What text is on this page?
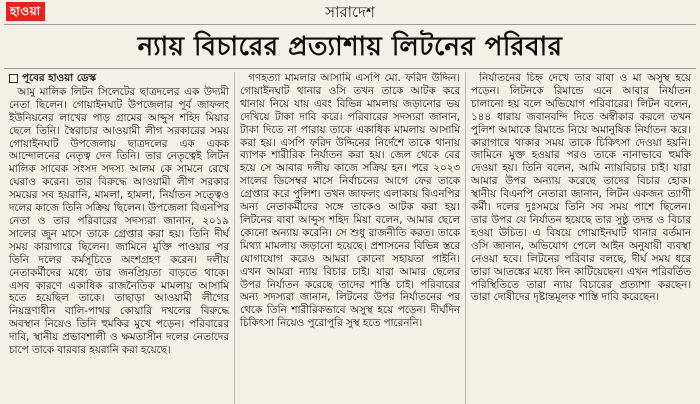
হাওয়া	সারাদেশ
ন্যায় বিচারের প্রত্যাশায় লিটনের পরিবার
পূবের হাওয়া ডেস্ক

আমু মালিক লিটন সিলেটের ছাত্রদলের এক উদ্যমী নেতা ছিলেন। গোয়াইনঘাট উপজেলার পূর্ব জাফলং ইউনিয়নের লাখের পাড় গ্রামের আব্দুস শহিদ মিয়ার ছেলে তিনি। স্বৈরাচার আওয়ামী লীগ সরকারের সময় গোয়াইনঘাট উপজেলায় ছাত্রদলের এক একক আন্দোলনের নেতৃত্ব দেন তিনি। তার নেতৃত্বেই লিটন মালিক সাবেক সংসদ সদস্য আলম কে সামনে রেখে ঘেরাও করেন। তার বিরুদ্ধে আওয়ামী লীগ সরকার সময়ের সব হয়রানি, মামলা, হামলা, নির্যাতন সত্ত্বেও দলের কাজে তিনি সক্রিয় ছিলেন। উপজেলা বিএনপির নেতা ও তার পরিবারের সদস্যরা জানান, ২০১৯ সালের জুন মাসে তাকে গ্রেপ্তার করা হয়। তিনি দীর্ঘ সময় কারাগারে ছিলেন। জামিনে মুক্তি পাওয়ার পর তিনি দলের কর্মসূচিতে অংশগ্রহণ করেন। দলীয় নেতাকর্মীদের মধ্যে তার জনপ্রিয়তা বাড়তে থাকে। এসব কারণে একাধিক রাজনৈতিক মামলায় আসামি হতে হয়েছিল তাকে। তাছাড়া আওয়ামী লীগের নিয়ন্ত্রণাধীন বালি-পাথর কোয়ারি দখলের বিরুদ্ধে অবস্থান নিয়েও তিনি হুমকির মুখে পড়েন। পরিবারের দাবি, স্থানীয় প্রভাবশালী ও ক্ষমতাসীন দলের নেতাদের চাপে তাকে বারবার হয়রানি করা হয়েছে।

গণহত্যা মামলার আসামি এসপি মো. ফরিদ উদ্দিন। গোয়াইনঘাট থানার ওসি তখন তাকে আটক করে থানায় নিয়ে যায় এবং বিভিন্ন মামলায় জড়ানোর ভয় দেখিয়ে টাকা দাবি করে। পরিবারের সদস্যরা জানান, টাকা দিতে না পারায় তাকে একাধিক মামলায় আসামি করা হয়। এসপি ফরিদ উদ্দিনের নির্দেশে তাকে থানায় ব্যাপক শারীরিক নির্যাতন করা হয়। জেল থেকে বের হয়ে সে আবার দলীয় কাজে সক্রিয় হন। পরে ২০২৩ সালের ডিসেম্বর মাসে নির্বাচনের আগে ফের তাকে গ্রেপ্তার করে পুলিশ। তখন জাফলং এলাকায় বিএনপির অন্য নেতাকর্মীদের সঙ্গে তাকেও আটক করা হয়। লিটনের বাবা আব্দুস শহিদ মিয়া বলেন, আমার ছেলে কোনো অন্যায় করেনি। সে শুধু রাজনীতি করত। তাকে মিথ্যা মামলায় জড়ানো হয়েছে। প্রশাসনের বিভিন্ন স্তরে যোগাযোগ করেও আমরা কোনো সহায়তা পাইনি। এখন আমরা ন্যায় বিচার চাই। যারা আমার ছেলের উপর নির্যাতন করেছে তাদের শাস্তি চাই। পরিবারের অন্য সদস্যরা জানান, লিটনের উপর নির্যাতনের পর থেকে তিনি শারীরিকভাবে অসুস্থ হয়ে পড়েন। দীর্ঘদিন চিকিৎসা নিয়েও পুরোপুরি সুস্থ হতে পারেননি।

নির্যাতনের চিহ্ন দেখে তার বাবা ও মা অসুস্থ হয়ে পড়েন। লিটনকে রিমান্ডে এনে আবার নির্যাতন চালানো হয় বলে অভিযোগ পরিবারের। লিটন বলেন, ১৪৪ ধারায় জবানবন্দি দিতে অস্বীকার করলে তখন পুলিশ আমাকে রিমান্ডে নিয়ে অমানুষিক নির্যাতন করে। কারাগারে থাকার সময় তাকে চিকিৎসা দেওয়া হয়নি। জামিনে মুক্ত হওয়ার পরও তাকে নানাভাবে হুমকি দেওয়া হয়। তিনি বলেন, আমি ন্যায়বিচার চাই। যারা আমার উপর অন্যায় করেছে তাদের বিচার হোক। স্থানীয় বিএনপি নেতারা জানান, লিটন একজন ত্যাগী কর্মী। দলের দুঃসময়ে তিনি সব সময় পাশে ছিলেন। তার উপর যে নির্যাতন হয়েছে তার সুষ্ঠু তদন্ত ও বিচার হওয়া উচিত। এ বিষয়ে গোয়াইনঘাট থানার বর্তমান ওসি জানান, অভিযোগ পেলে আইন অনুযায়ী ব্যবস্থা নেওয়া হবে। লিটনের পরিবার বলছে, দীর্ঘ সময় ধরে তারা আতঙ্কের মধ্যে দিন কাটিয়েছেন। এখন পরিবর্তিত পরিস্থিতিতে তারা ন্যায় বিচারের প্রত্যাশা করছেন। তারা দোষীদের দৃষ্টান্তমূলক শাস্তি দাবি করেছেন।
